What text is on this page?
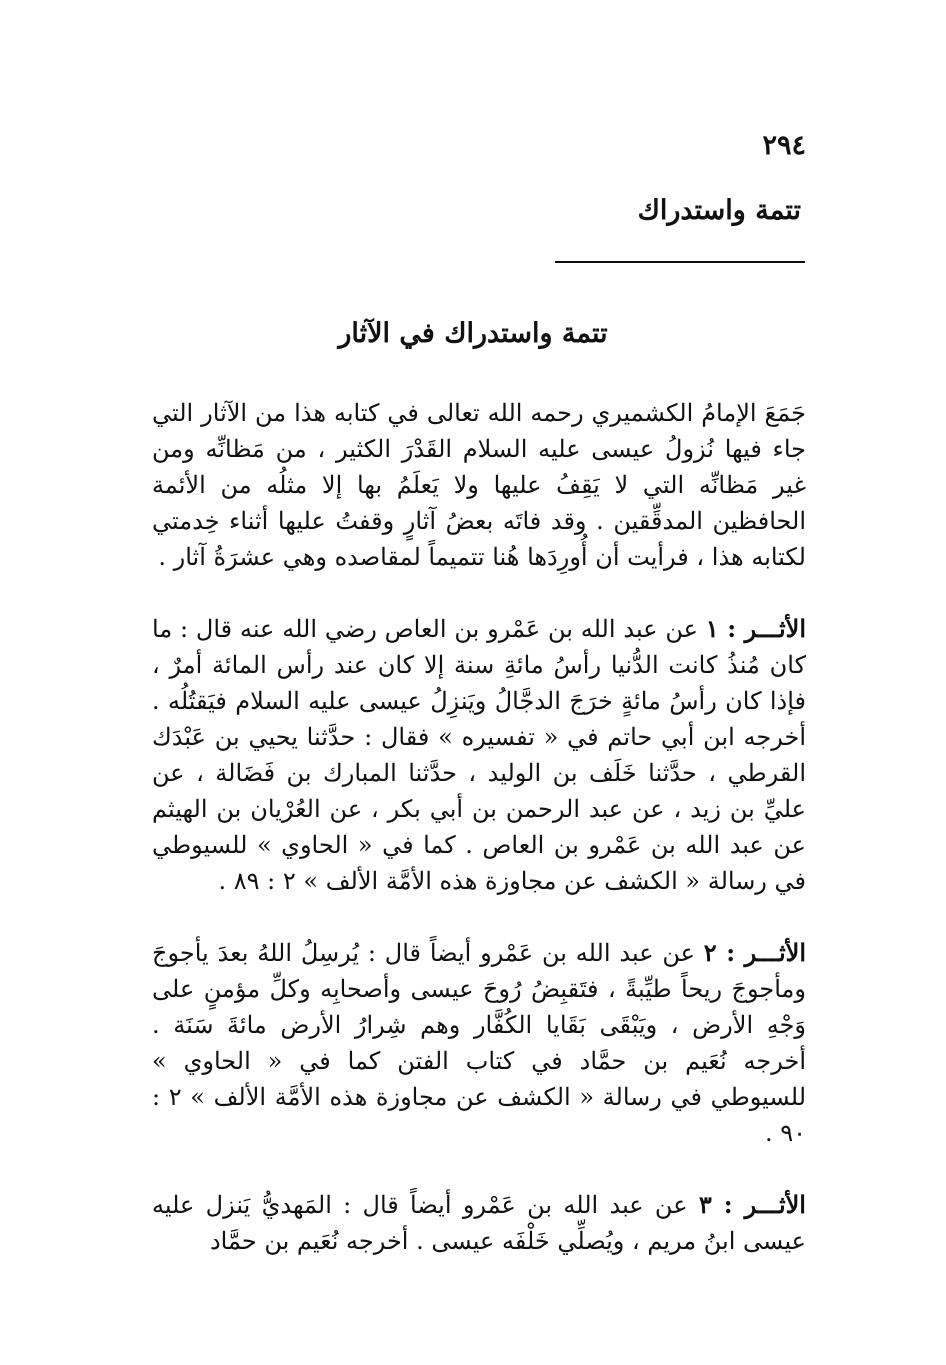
٢٩٤
تتمة واستدراك
تتمة واستدراك في الآثار

جَمَعَ الإمامُ الكشميري رحمه الله تعالى في كتابه هذا من الآثار التي جاء فيها نُزولُ عيسى عليه السلام القَدْرَ الكثير ، من مَظانِّه ومن غير مَظانِّه التي لا يَقِفُ عليها ولا يَعلَمُ بها إلا مثلُه من الأئمة الحافظين المدقِّقين . وقد فاتَه بعضُ آثارٍ وقفتُ عليها أثناء خِدمتي لكتابه هذا ، فرأيت أن أُورِدَها هُنا تتميماً لمقاصده وهي عشرَةُ آثار .

الأثـــر : ١ عن عبد الله بن عَمْرو بن العاص رضي الله عنه قال : ما كان مُنذُ كانت الدُّنيا رأسُ مائةِ سنة إلا كان عند رأس المائة أمرٌ ، فإذا كان رأسُ مائةٍ خرَجَ الدجَّالُ ويَنزِلُ عيسى عليه السلام فيَقتُلُه . أخرجه ابن أبي حاتم في « تفسيره » فقال : حدَّثنا يحيي بن عَبْدَك القرطي ، حدَّثنا خَلَف بن الوليد ، حدَّثنا المبارك بن فَضَالة ، عن عليِّ بن زيد ، عن عبد الرحمن بن أبي بكر ، عن العُرْيان بن الهيثم عن عبد الله بن عَمْرو بن العاص . كما في « الحاوي » للسيوطي في رسالة « الكشف عن مجاوزة هذه الأمَّة الألف » ٢ : ٨٩ .

الأثـــر : ٢ عن عبد الله بن عَمْرو أيضاً قال : يُرسِلُ اللهُ بعدَ يأجوجَ ومأجوجَ ريحاً طيِّبةً ، فتَقبِضُ رُوحَ عيسى وأصحابِه وكلِّ مؤمنٍ على وَجْهِ الأرض ، ويَبْقَى بَقَايا الكُفَّار وهم شِرارُ الأرض مائةَ سَنَة . أخرجه نُعَيم بن حمَّاد في كتاب الفتن كما في « الحاوي » للسيوطي في رسالة « الكشف عن مجاوزة هذه الأمَّة الألف » ٢ : ٩٠ .

الأثـــر : ٣ عن عبد الله بن عَمْرو أيضاً قال : المَهديُّ يَنزل عليه عيسى ابنُ مريم ، ويُصلِّي خَلْفَه عيسى . أخرجه نُعَيم بن حمَّاد
